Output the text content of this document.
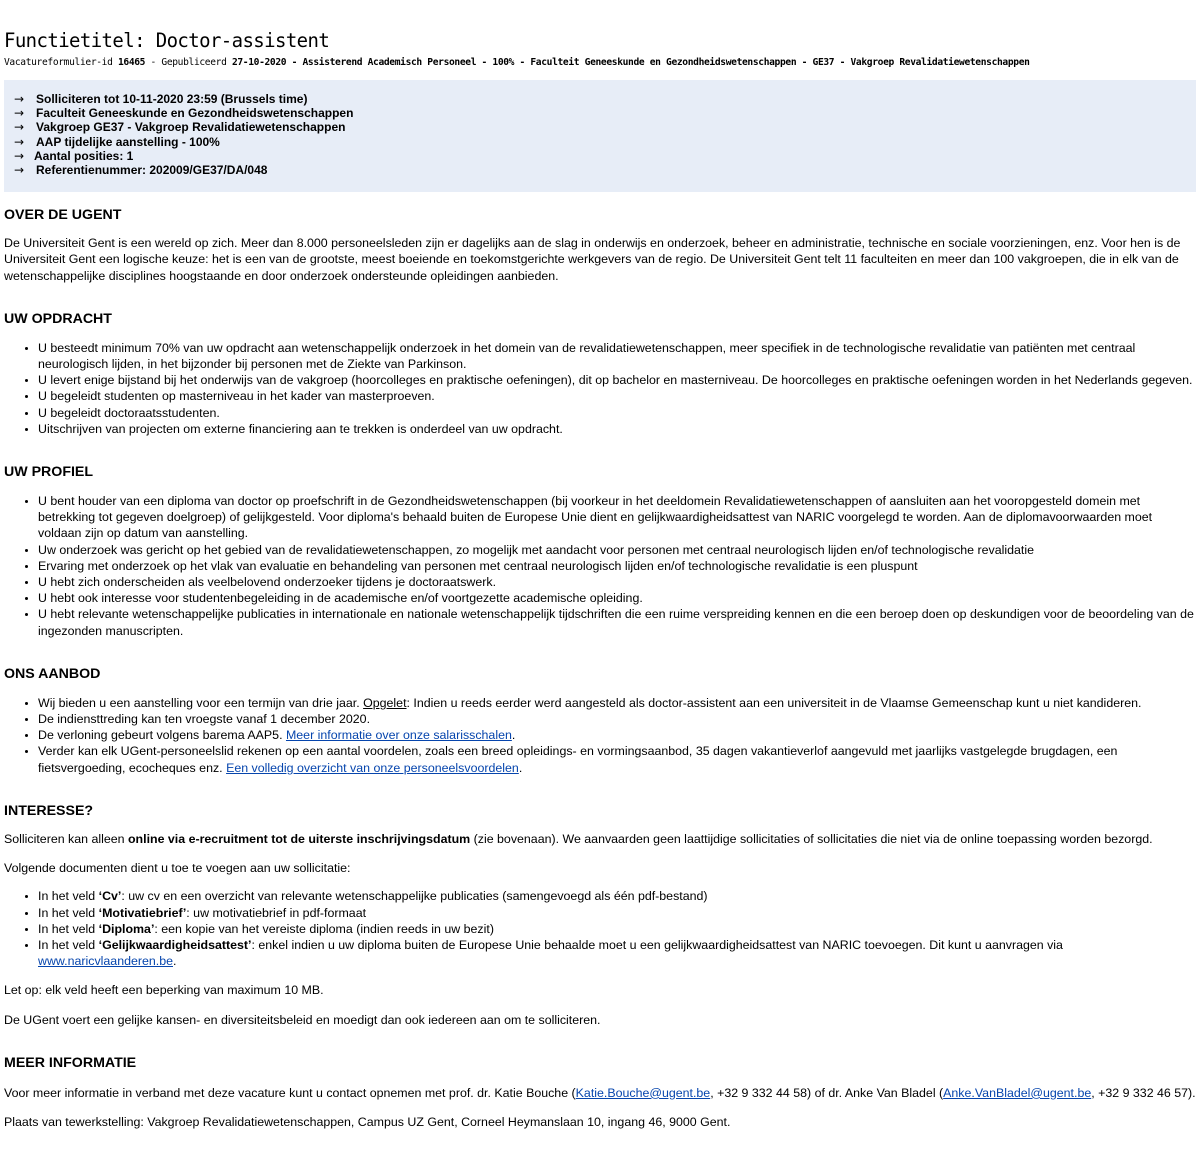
Functietitel: Doctor-assistent
Vacatureformulier-id 16465 - Gepubliceerd 27-10-2020 - Assisterend Academisch Personeel - 100% - Faculteit Geneeskunde en Gezondheidswetenschappen - GE37 - Vakgroep Revalidatiewetenschappen
→ Solliciteren tot 10-11-2020 23:59 (Brussels time)
→ Faculteit Geneeskunde en Gezondheidswetenschappen
→ Vakgroep GE37 - Vakgroep Revalidatiewetenschappen
→ AAP tijdelijke aanstelling - 100%
→ Aantal posities: 1
→ Referentienummer: 202009/GE37/DA/048
OVER DE UGENT

De Universiteit Gent is een wereld op zich. Meer dan 8.000 personeelsleden zijn er dagelijks aan de slag in onderwijs en onderzoek, beheer en administratie, technische en sociale voorzieningen, enz. Voor hen is de Universiteit Gent een logische keuze: het is een van de grootste, meest boeiende en toekomstgerichte werkgevers van de regio. De Universiteit Gent telt 11 faculteiten en meer dan 100 vakgroepen, die in elk van de wetenschappelijke disciplines hoogstaande en door onderzoek ondersteunde opleidingen aanbieden.

UW OPDRACHT
• U besteedt minimum 70% van uw opdracht aan wetenschappelijk onderzoek in het domein van de revalidatiewetenschappen, meer specifiek in de technologische revalidatie van patiënten met centraal neurologisch lijden, in het bijzonder bij personen met de Ziekte van Parkinson.
• U levert enige bijstand bij het onderwijs van de vakgroep (hoorcolleges en praktische oefeningen), dit op bachelor en masterniveau. De hoorcolleges en praktische oefeningen worden in het Nederlands gegeven.
• U begeleidt studenten op masterniveau in het kader van masterproeven.
• U begeleidt doctoraatsstudenten.
• Uitschrijven van projecten om externe financiering aan te trekken is onderdeel van uw opdracht.
UW PROFIEL
• U bent houder van een diploma van doctor op proefschrift in de Gezondheidswetenschappen (bij voorkeur in het deeldomein Revalidatiewetenschappen of aansluiten aan het vooropgesteld domein met betrekking tot gegeven doelgroep) of gelijkgesteld. Voor diploma's behaald buiten de Europese Unie dient en gelijkwaardigheidsattest van NARIC voorgelegd te worden. Aan de diplomavoorwaarden moet voldaan zijn op datum van aanstelling.
• Uw onderzoek was gericht op het gebied van de revalidatiewetenschappen, zo mogelijk met aandacht voor personen met centraal neurologisch lijden en/of technologische revalidatie
• Ervaring met onderzoek op het vlak van evaluatie en behandeling van personen met centraal neurologisch lijden en/of technologische revalidatie is een pluspunt
• U hebt zich onderscheiden als veelbelovend onderzoeker tijdens je doctoraatswerk.
• U hebt ook interesse voor studentenbegeleiding in de academische en/of voortgezette academische opleiding.
• U hebt relevante wetenschappelijke publicaties in internationale en nationale wetenschappelijk tijdschriften die een ruime verspreiding kennen en die een beroep doen op deskundigen voor de beoordeling van de ingezonden manuscripten.
ONS AANBOD
• Wij bieden u een aanstelling voor een termijn van drie jaar. Opgelet: Indien u reeds eerder werd aangesteld als doctor-assistent aan een universiteit in de Vlaamse Gemeenschap kunt u niet kandideren.
• De indiensttreding kan ten vroegste vanaf 1 december 2020.
• De verloning gebeurt volgens barema AAP5. Meer informatie over onze salarisschalen.
• Verder kan elk UGent-personeelslid rekenen op een aantal voordelen, zoals een breed opleidings- en vormingsaanbod, 35 dagen vakantieverlof aangevuld met jaarlijks vastgelegde brugdagen, een fietsvergoeding, ecocheques enz. Een volledig overzicht van onze personeelsvoordelen.
INTERESSE?

Solliciteren kan alleen online via e-recruitment tot de uiterste inschrijvingsdatum (zie bovenaan). We aanvaarden geen laattijdige sollicitaties of sollicitaties die niet via de online toepassing worden bezorgd.

Volgende documenten dient u toe te voegen aan uw sollicitatie:

• In het veld ‘Cv’: uw cv en een overzicht van relevante wetenschappelijke publicaties (samengevoegd als één pdf-bestand)
• In het veld ‘Motivatiebrief’: uw motivatiebrief in pdf-formaat
• In het veld ‘Diploma’: een kopie van het vereiste diploma (indien reeds in uw bezit)
• In het veld ‘Gelijkwaardigheidsattest’: enkel indien u uw diploma buiten de Europese Unie behaalde moet u een gelijkwaardigheidsattest van NARIC toevoegen. Dit kunt u aanvragen via www.naricvlaanderen.be.

Let op: elk veld heeft een beperking van maximum 10 MB.

De UGent voert een gelijke kansen- en diversiteitsbeleid en moedigt dan ook iedereen aan om te solliciteren.

MEER INFORMATIE

Voor meer informatie in verband met deze vacature kunt u contact opnemen met prof. dr. Katie Bouche (Katie.Bouche@ugent.be, +32 9 332 44 58) of dr. Anke Van Bladel (Anke.VanBladel@ugent.be, +32 9 332 46 57).

Plaats van tewerkstelling: Vakgroep Revalidatiewetenschappen, Campus UZ Gent, Corneel Heymanslaan 10, ingang 46, 9000 Gent.
